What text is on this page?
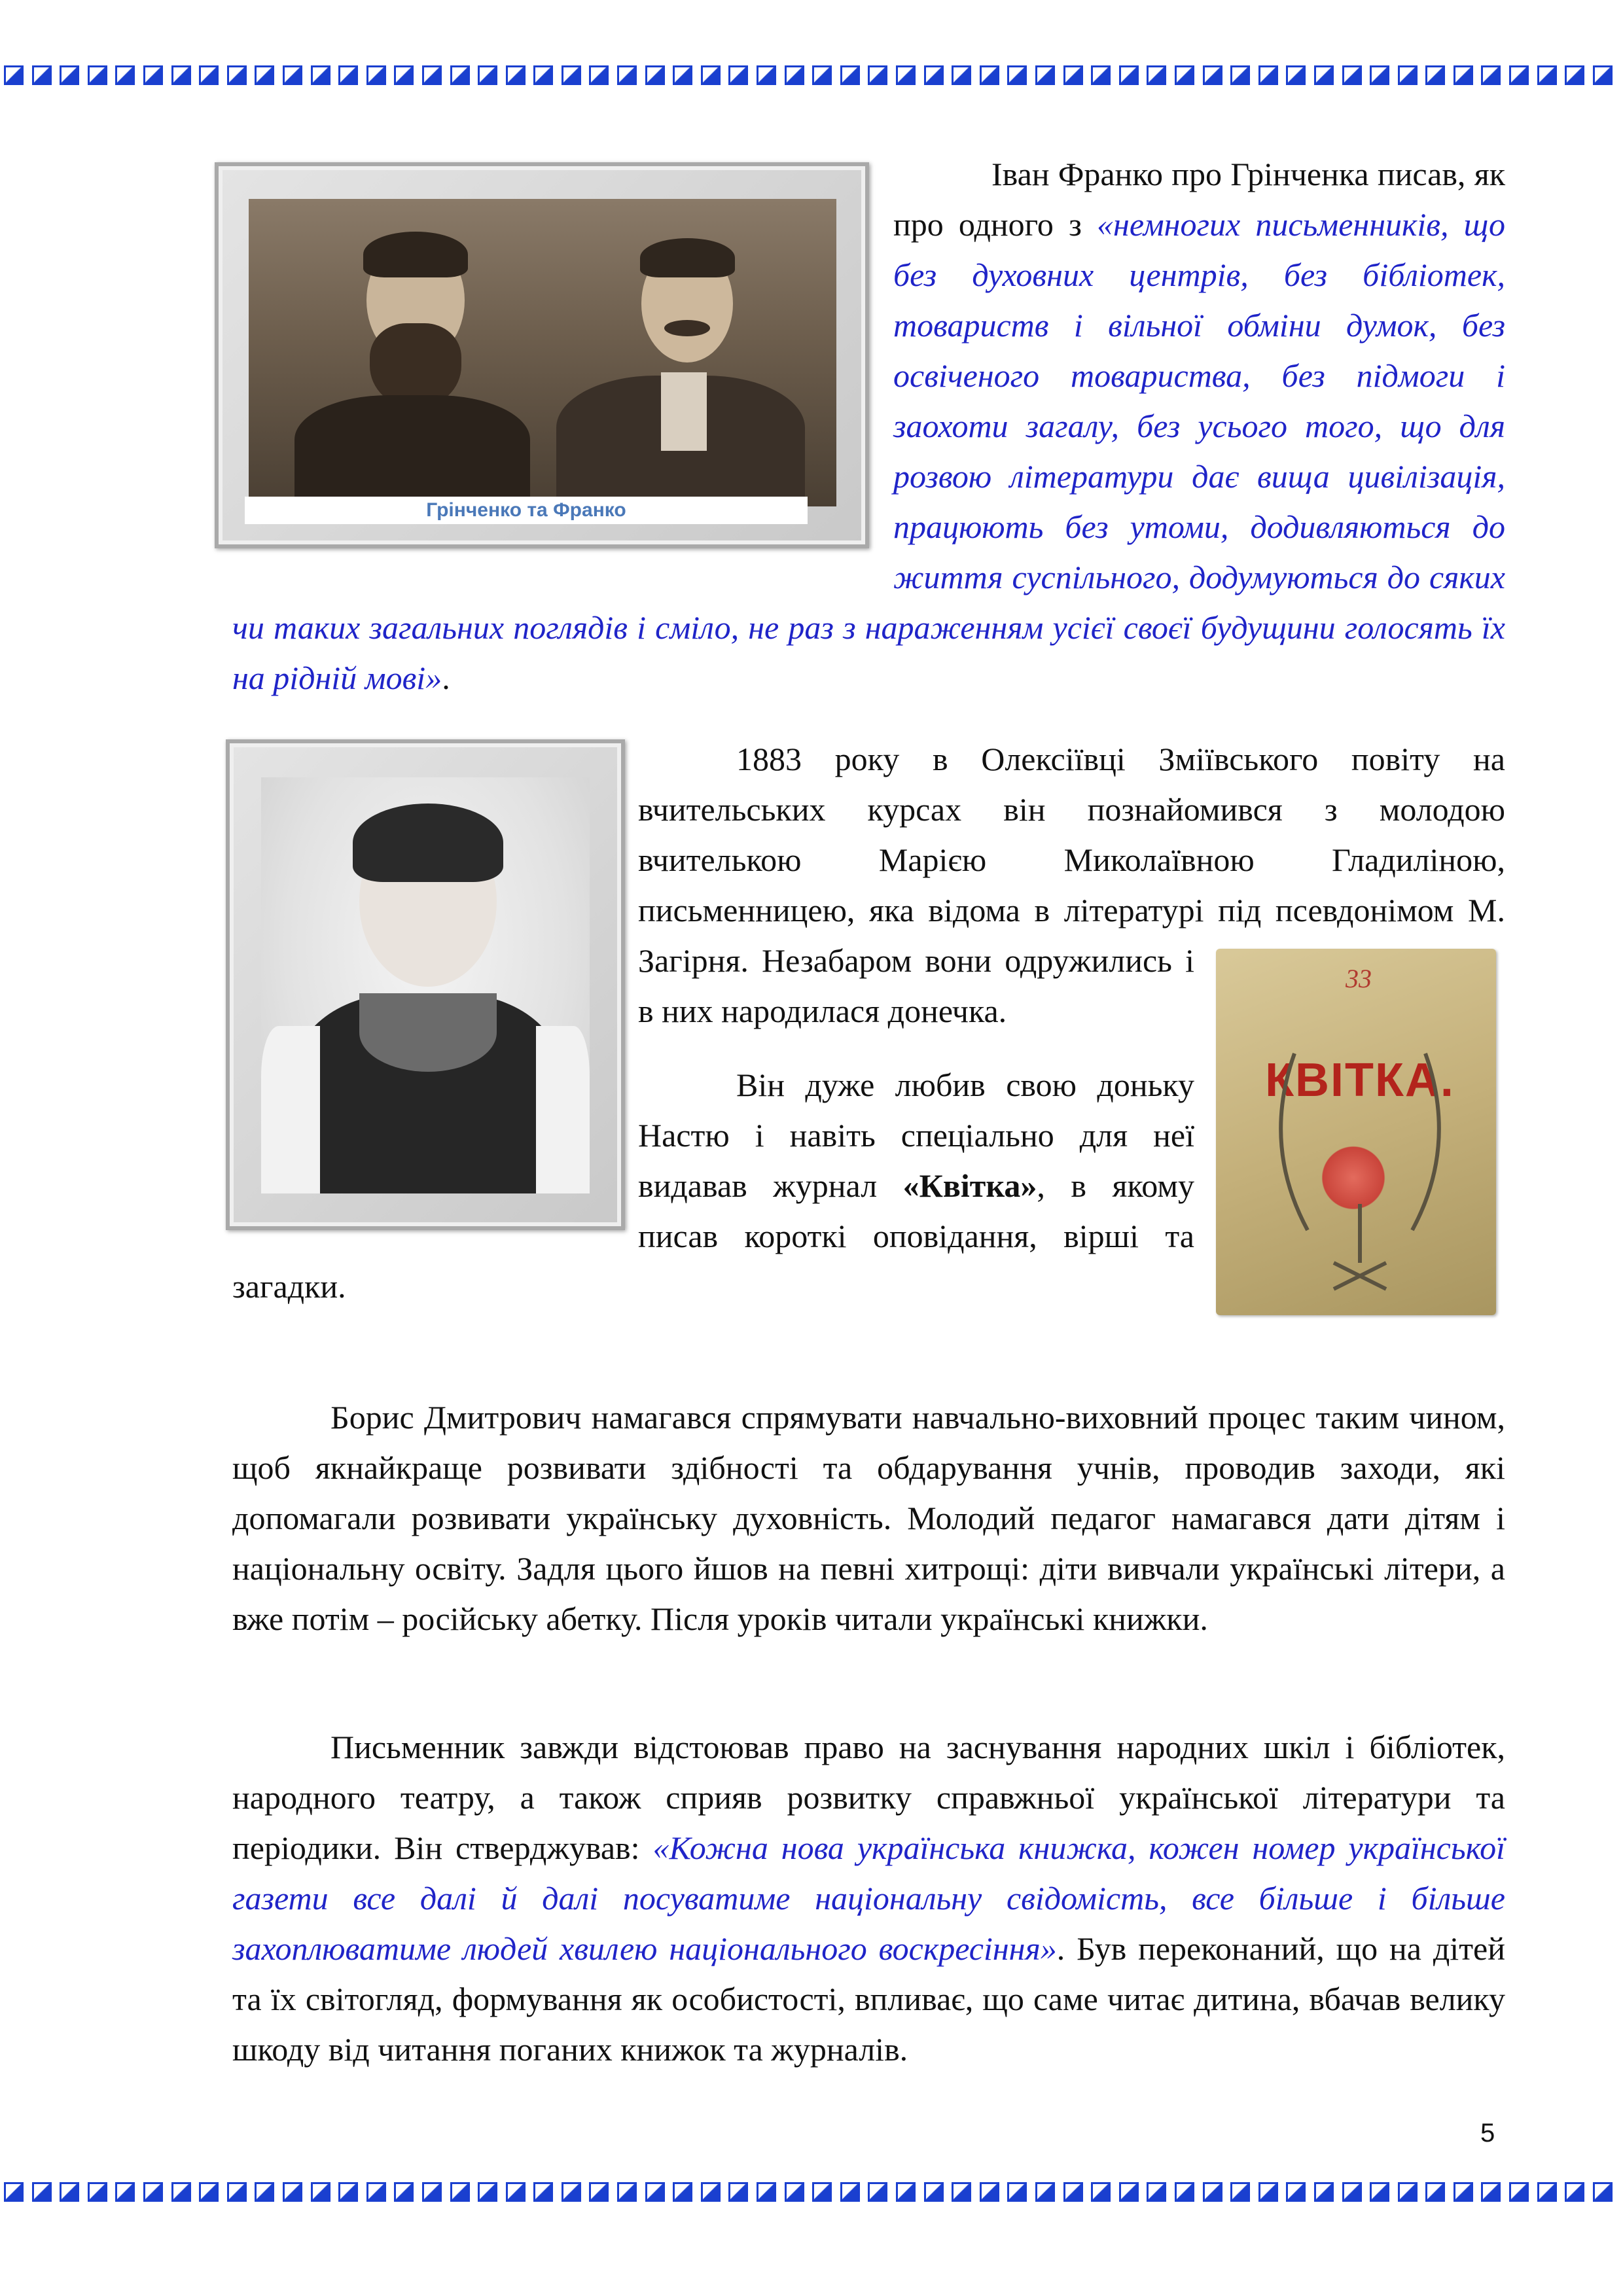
Грінченко та Франко
Іван Франко про Грінченка писав, як про одного з «немногих письменників, що без духовних центрів, без бібліотек, товариств і вільної обміни думок, без освіченого товариства, без підмоги і заохоти загалу, без усього того, що для розвою літератури дає вища цивілізація, працюють без утоми, додивляються до життя суспільного, додумуються до сяких чи таких загальних поглядів і сміло, не раз з нараженням усієї своєї будущини голосять їх на рідній мові».
33
КВІТКА.

1883 року в Олексіївці Зміївського повіту на вчительських курсах він познайомився з молодою вчителькою Марією Миколаївною Гладиліною, письменницею, яка відома в літературі під псевдонімом М. Загірня. Незабаром вони одружились і в них народилася донечка.

Він дуже любив свою доньку Настю і навіть спеціально для неї видавав журнал «Квітка», в якому писав короткі оповідання, вірші та загадки.

Борис Дмитрович намагався спрямувати навчально-виховний процес таким чином, щоб якнайкраще розвивати здібності та обдарування учнів, проводив заходи, які допомагали розвивати українську духовність. Молодий педагог намагався дати дітям і національну освіту. Задля цього йшов на певні хитрощі: діти вивчали українські літери, а вже потім – російську абетку. Після уроків читали українські книжки.
Письменник завжди відстоював право на заснування народних шкіл і бібліотек, народного театру, а також сприяв розвитку справжньої української літератури та періодики. Він стверджував: «Кожна нова українська книжка, кожен номер української газети все далі й далі посуватиме національну свідомість, все більше і більше захоплюватиме людей хвилею національного воскресіння». Був переконаний, що на дітей та їх світогляд, формування як особистості, впливає, що саме читає дитина, вбачав велику шкоду від читання поганих книжок та журналів.
5
